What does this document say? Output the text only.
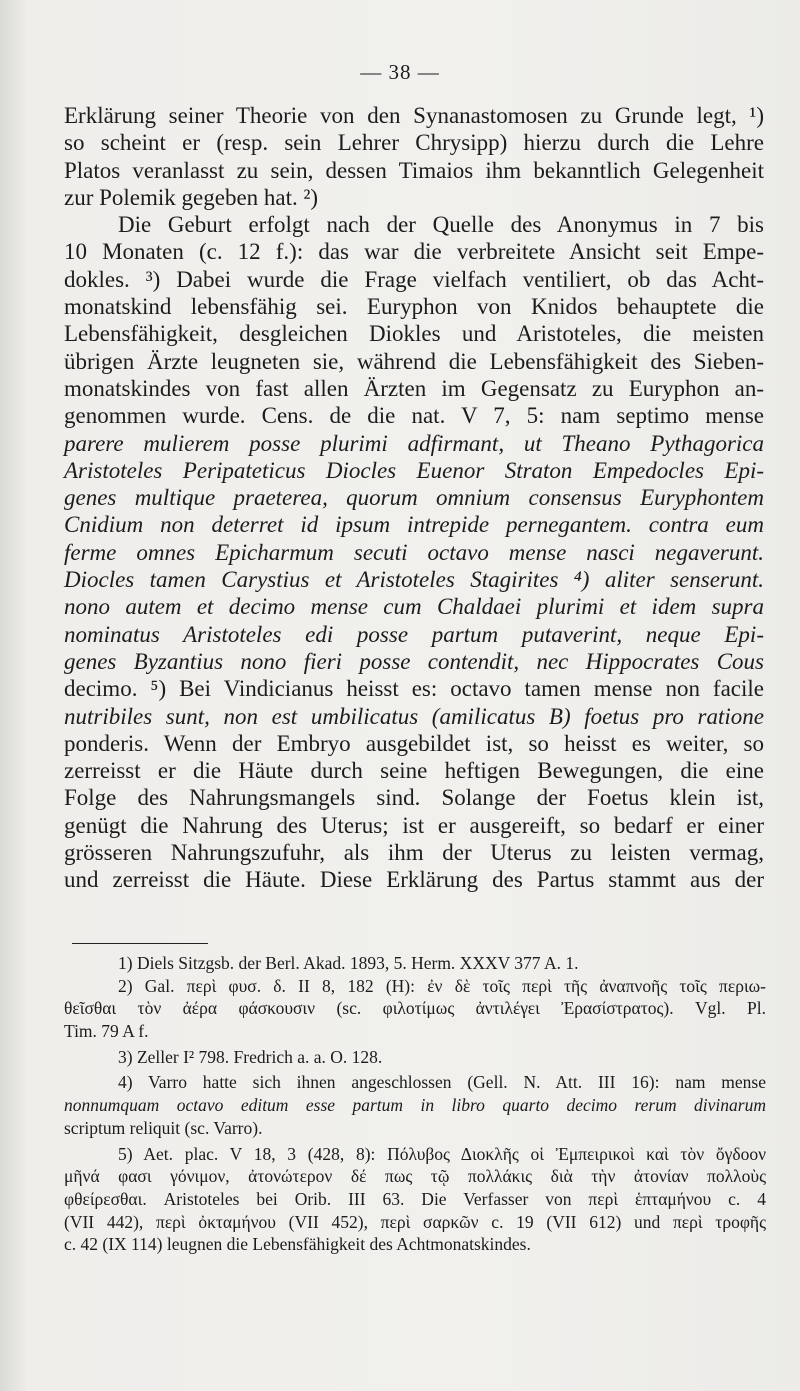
— 38 —
Erklärung seiner Theorie von den Synanastomosen zu Grunde legt, ¹)
so scheint er (resp. sein Lehrer Chrysipp) hierzu durch die Lehre
Platos veranlasst zu sein, dessen Timaios ihm bekanntlich Gelegenheit
zur Polemik gegeben hat. ²)
Die Geburt erfolgt nach der Quelle des Anonymus in 7 bis
10 Monaten (c. 12 f.): das war die verbreitete Ansicht seit Empe-
dokles. ³) Dabei wurde die Frage vielfach ventiliert, ob das Acht-
monatskind lebensfähig sei. Euryphon von Knidos behauptete die
Lebensfähigkeit, desgleichen Diokles und Aristoteles, die meisten
übrigen Ärzte leugneten sie, während die Lebensfähigkeit des Sieben-
monatskindes von fast allen Ärzten im Gegensatz zu Euryphon an-
genommen wurde. Cens. de die nat. V 7, 5: nam septimo mense
parere mulierem posse plurimi adfirmant, ut Theano Pythagorica
Aristoteles Peripateticus Diocles Euenor Straton Empedocles Epi-
genes multique praeterea, quorum omnium consensus Euryphontem
Cnidium non deterret id ipsum intrepide pernegantem. contra eum
ferme omnes Epicharmum secuti octavo mense nasci negaverunt.
Diocles tamen Carystius et Aristoteles Stagirites ⁴) aliter senserunt.
nono autem et decimo mense cum Chaldaei plurimi et idem supra
nominatus Aristoteles edi posse partum putaverint, neque Epi-
genes Byzantius nono fieri posse contendit, nec Hippocrates Cous
decimo. ⁵) Bei Vindicianus heisst es: octavo tamen mense non facile
nutribiles sunt, non est umbilicatus (amilicatus B) foetus pro ratione
ponderis. Wenn der Embryo ausgebildet ist, so heisst es weiter, so
zerreisst er die Häute durch seine heftigen Bewegungen, die eine
Folge des Nahrungsmangels sind. Solange der Foetus klein ist,
genügt die Nahrung des Uterus; ist er ausgereift, so bedarf er einer
grösseren Nahrungszufuhr, als ihm der Uterus zu leisten vermag,
und zerreisst die Häute. Diese Erklärung des Partus stammt aus der
1) Diels Sitzgsb. der Berl. Akad. 1893, 5. Herm. XXXV 377 A. 1.
2) Gal. περὶ φυσ. δ. II 8, 182 (H): ἐν δὲ τοῖς περὶ τῆς ἀναπνοῆς τοῖς περιω-
θεῖσθαι τὸν ἀέρα φάσκουσιν (sc. φιλοτίμως ἀντιλέγει Ἐρασίστρατος). Vgl. Pl.
Tim. 79 A f.
3) Zeller I² 798. Fredrich a. a. O. 128.
4) Varro hatte sich ihnen angeschlossen (Gell. N. Att. III 16): nam mense
nonnumquam octavo editum esse partum in libro quarto decimo rerum divinarum
scriptum reliquit (sc. Varro).
5) Aet. plac. V 18, 3 (428, 8): Πόλυβος Διοκλῆς οἱ Ἐμπειρικοὶ καὶ τὸν ὄγδοον
μῆνά φασι γόνιμον, ἀτονώτερον δέ πως τῷ πολλάκις διὰ τὴν ἀτονίαν πολλοὺς
φθείρεσθαι. Aristoteles bei Orib. III 63. Die Verfasser von περὶ ἑπταμήνου c. 4
(VII 442), περὶ ὀκταμήνου (VII 452), περὶ σαρκῶν c. 19 (VII 612) und περὶ τροφῆς
c. 42 (IX 114) leugnen die Lebensfähigkeit des Achtmonatskindes.
